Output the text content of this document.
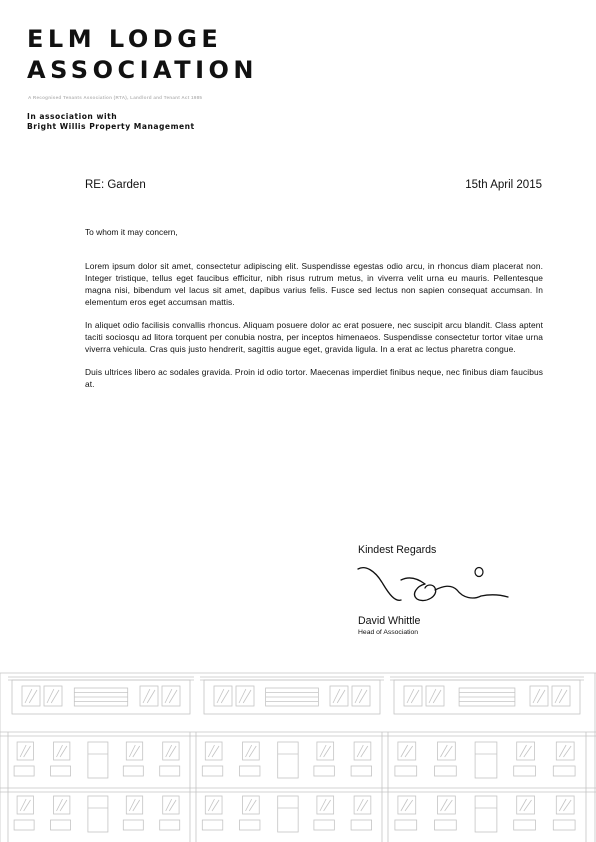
ELM LODGE
ASSOCIATION
A Recognised Tenants Association (RTA), Landlord and Tenant Act 1985
In association with
Bright Willis Property Management
RE: Garden	15th April 2015
To whom it may concern,

Lorem ipsum dolor sit amet, consectetur adipiscing elit. Suspendisse egestas odio arcu, in rhoncus diam placerat non. Integer tristique, tellus eget faucibus efficitur, nibh risus rutrum metus, in viverra velit urna eu mauris. Pellentesque magna nisi, bibendum vel lacus sit amet, dapibus varius felis. Fusce sed lectus non sapien consequat accumsan. In elementum eros eget accumsan mattis.

In aliquet odio facilisis convallis rhoncus. Aliquam posuere dolor ac erat posuere, nec suscipit arcu blandit. Class aptent taciti sociosqu ad litora torquent per conubia nostra, per inceptos himenaeos. Suspendisse consectetur tortor vitae urna viverra vehicula. Cras quis justo hendrerit, sagittis augue eget, gravida ligula. In a erat ac lectus pharetra congue.

Duis ultrices libero ac sodales gravida. Proin id odio tortor. Maecenas imperdiet finibus neque, nec finibus diam faucibus at.

Kindest Regards
David Whittle
Head of Association
